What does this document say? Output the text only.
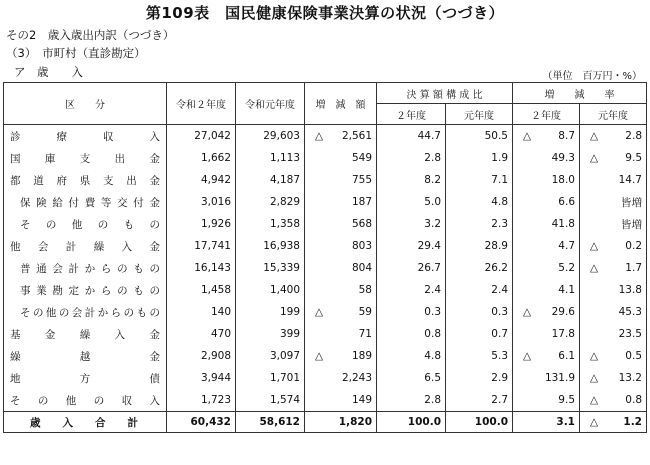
第109表　国民健康保険事業決算の状況（つづき）
その2　歳入歳出内訳（つづき）
（3）　市町村（直診勘定）
ア　歳　　入	（単位　百万円・%）
区　　分	令和２年度	令和元年度	増　減　額	決 算 額 構 成 比		増　　減　　率	
				２年度	元年度	２年度	元年度
診療収入	27,042	29,603	△ 2,561	44.7	50.5	△ 8.7	△ 2.8
国庫支出金	1,662	1,113	549	2.8	1.9	49.3	△ 9.5
都道府県支出金	4,942	4,187	755	8.2	7.1	18.0	14.7
保険給付費等交付金	3,016	2,829	187	5.0	4.8	6.6	皆増
その他のもの	1,926	1,358	568	3.2	2.3	41.8	皆増
他会計繰入金	17,741	16,938	803	29.4	28.9	4.7	△ 0.2
普通会計からのもの	16,143	15,339	804	26.7	26.2	5.2	△ 1.7
事業勘定からのもの	1,458	1,400	58	2.4	2.4	4.1	13.8
その他の会計からのもの	140	199	△ 59	0.3	0.3	△ 29.6	45.3
基金繰入金	470	399	71	0.8	0.7	17.8	23.5
繰越金	2,908	3,097	△ 189	4.8	5.3	△ 6.1	△ 0.5
地方債	3,944	1,701	2,243	6.5	2.9	131.9	△ 13.2
その他の収入	1,723	1,574	149	2.8	2.7	9.5	△ 0.8
歳入合計	60,432	58,612	1,820	100.0	100.0	3.1	△ 1.2
